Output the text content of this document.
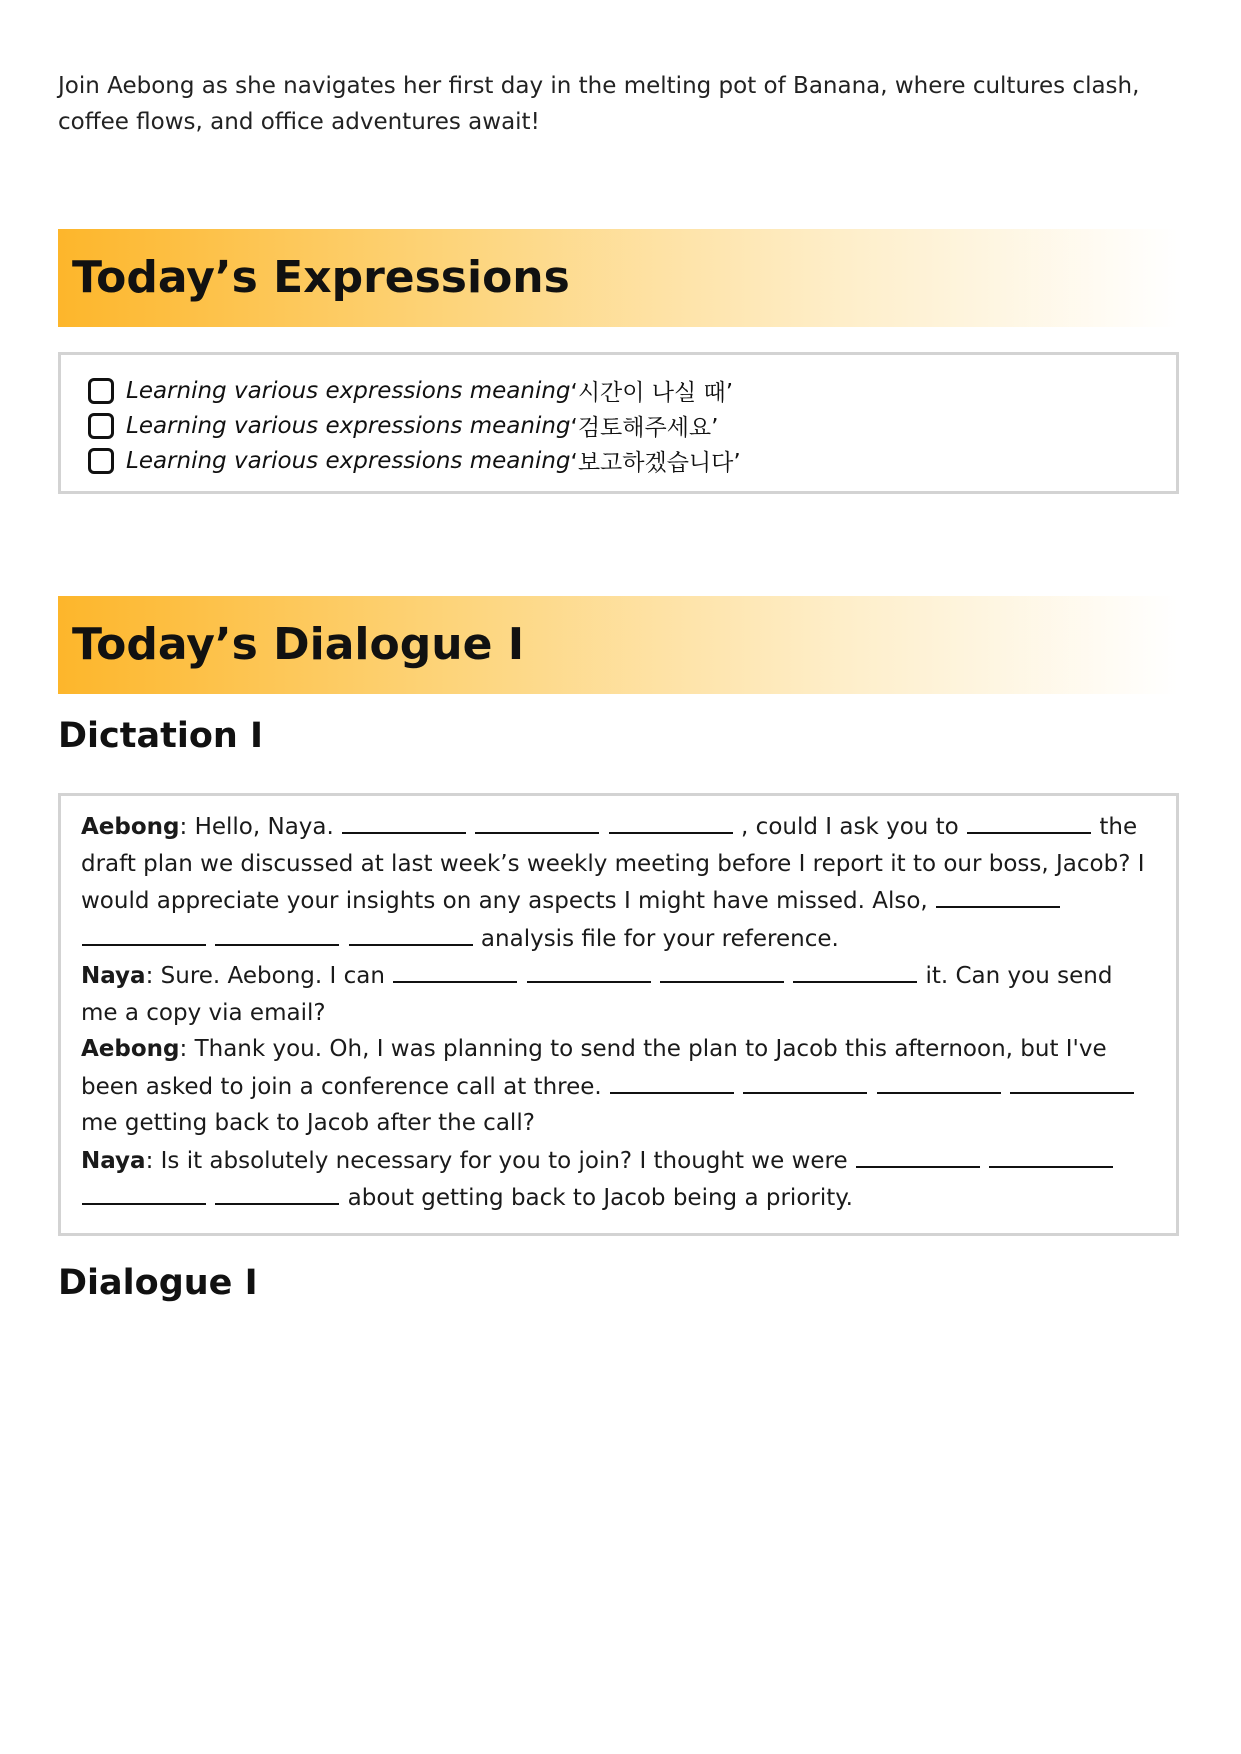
Join Aebong as she navigates her first day in the melting pot of Banana, where cultures clash, coffee flows, and office adventures await!

Today’s Expressions
Learning various expressions meaning ‘시간이 나실 때’
Learning various expressions meaning ‘검토해주세요’
Learning various expressions meaning ‘보고하겠습니다’
Today’s Dialogue I
Dictation I

Aebong: Hello, Naya.	, could I ask you to	the draft plan we discussed at last week’s weekly meeting before I report it to our boss, Jacob? I would appreciate your insights on any aspects I might have missed. Also,     analysis file for your reference.

Naya: Sure. Aebong. I can	it. Can you send me a copy via email?

Aebong: Thank you. Oh, I was planning to send the plan to Jacob this afternoon, but I've been asked to join a conference call at three.     me getting back to Jacob after the call?

Naya: Is it absolutely necessary for you to join? I thought we were     about getting back to Jacob being a priority.

Dialogue I
